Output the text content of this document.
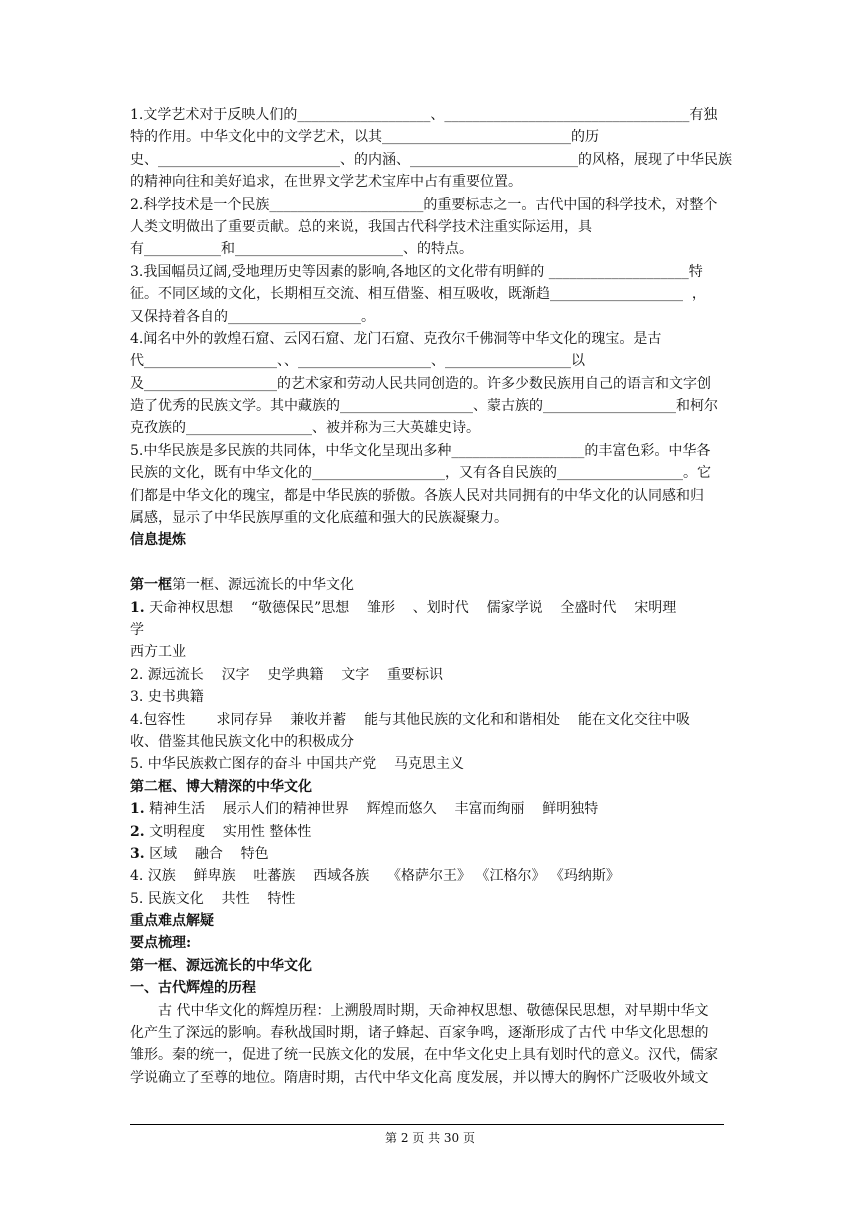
1.文学艺术对于反映人们的___________________、___________________________________有独
特的作用。中华文化中的文学艺术，以其___________________________的历
史、__________________________、的内涵、________________________的风格，展现了中华民族
的精神向往和美好追求，在世界文学艺术宝库中占有重要位置。
2.科学技术是一个民族______________________的重要标志之一。古代中国的科学技术，对整个
人类文明做出了重要贡献。总的来说，我国古代科学技术注重实际运用，具
有___________和________________________、的特点。
3.我国幅员辽阔,受地理历史等因素的影响,各地区的文化带有明鲜的 ____________________特
征。不同区域的文化，长期相互交流、相互借鉴、相互吸收，既渐趋___________________  ，
又保持着各自的___________________。
4.闻名中外的敦煌石窟、云冈石窟、龙门石窟、克孜尔千佛洞等中华文化的瑰宝。是古
代___________________、、___________________、__________________以
及___________________的艺术家和劳动人民共同创造的。许多少数民族用自己的语言和文字创
造了优秀的民族文学。其中藏族的___________________、蒙古族的___________________和柯尔
克孜族的__________________、被并称为三大英雄史诗。
5.中华民族是多民族的共同体，中华文化呈现出多种___________________的丰富色彩。中华各
民族的文化，既有中华文化的___________________，又有各自民族的__________________。它
们都是中华文化的瑰宝，都是中华民族的骄傲。各族人民对共同拥有的中华文化的认同感和归
属感，显示了中华民族厚重的文化底蕴和强大的民族凝聚力。
信息提炼
第一框第一框、源远流长的中华文化
1. 天命神权思想    “敬德保民”思想    雏形    、划时代    儒家学说    全盛时代    宋明理
学
西方工业
2. 源远流长    汉字    史学典籍    文字    重要标识
3. 史书典籍
4.包容性       求同存异    兼收并蓄    能与其他民族的文化和和谐相处    能在文化交往中吸
收、借鉴其他民族文化中的积极成分
5. 中华民族救亡图存的奋斗 中国共产党    马克思主义
第二框、博大精深的中华文化
1. 精神生活    展示人们的精神世界    辉煌而悠久    丰富而绚丽    鲜明独特
2. 文明程度    实用性 整体性
3. 区域    融合    特色
4. 汉族    鲜卑族    吐蕃族    西域各族    《格萨尔王》 《江格尔》 《玛纳斯》
5. 民族文化    共性    特性
重点难点解疑
要点梳理:
第一框、源远流长的中华文化
一、古代辉煌的历程
古 代中华文化的辉煌历程：上溯殷周时期，天命神权思想、敬德保民思想，对早期中华文
化产生了深远的影响。春秋战国时期，诸子蜂起、百家争鸣，逐渐形成了古代 中华文化思想的
雏形。秦的统一，促进了统一民族文化的发展，在中华文化史上具有划时代的意义。汉代，儒家
学说确立了至尊的地位。隋唐时期，古代中华文化高 度发展，并以博大的胸怀广泛吸收外域文
第 2 页 共 30 页
